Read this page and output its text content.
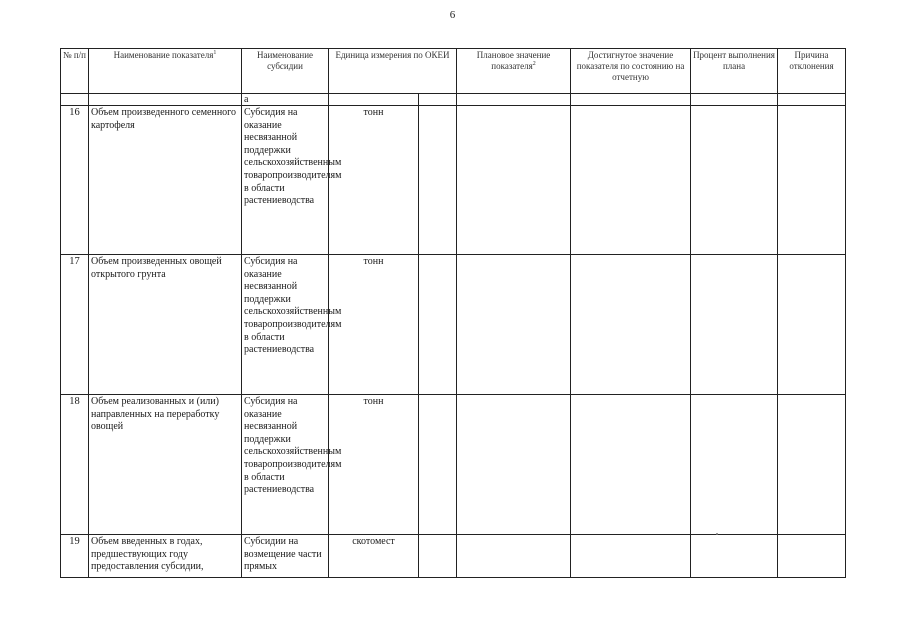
6
№ п/п	Наименование показателя$^1$	Наименование субсидии	Единица измерения по ОКЕИ		Плановое значение показателя$^2$	Достигнутое значение показателя по состоянию на отчетную	Процент выполнения плана	Причина отклонения
		а						
16	Объем произведенного семенного картофеля	Субсидия на оказание несвязанной поддержки сельскохозяйственным товаропроизводителям в области растениеводства	тонн					
17	Объем произведенных овощей открытого грунта	Субсидия на оказание несвязанной поддержки сельскохозяйственным товаропроизводителям в области растениеводства	тонн					
18	Объем реализованных и (или) направленных на переработку овощей	Субсидия на оказание несвязанной поддержки сельскохозяйственным товаропроизводителям в области растениеводства	тонн					
19	Объем введенных в годах, предшествующих году предоставления субсидии,	Субсидии на возмещение части прямых	скотомест					
